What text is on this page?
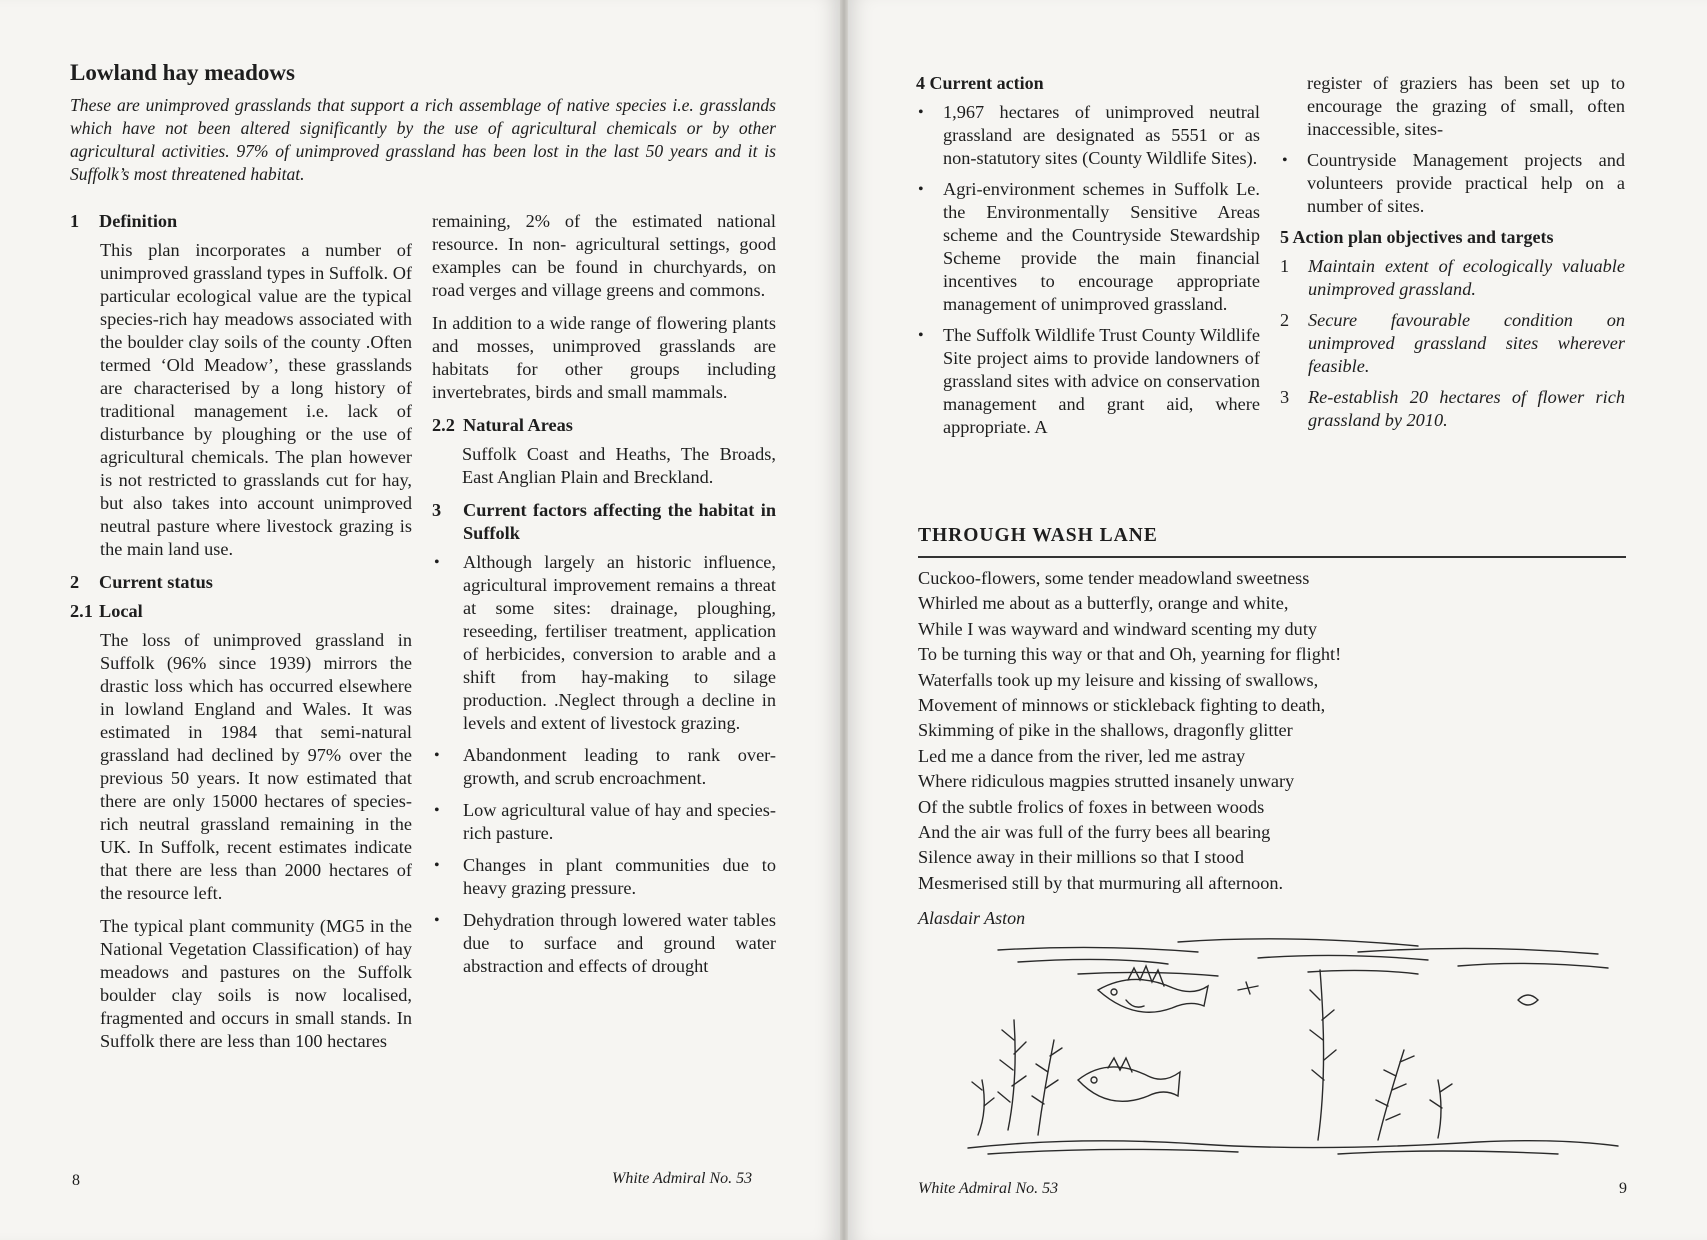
Lowland hay meadows

These are unimproved grasslands that support a rich assemblage of native species i.e. grasslands which have not been altered significantly by the use of agricultural chemicals or by other agricultural activities. 97% of unimproved grassland has been lost in the last 50 years and it is Suffolk’s most threatened habitat.

1	Definition

This plan incorporates a number of unimproved grassland types in Suffolk. Of particular ecological value are the typical species-rich hay meadows associated with the boulder clay soils of the county .Often termed ‘Old Meadow’, these grasslands are characterised by a long history of traditional management i.e. lack of disturbance by ploughing or the use of agricultural chemicals. The plan however is not restricted to grasslands cut for hay, but also takes into account unimproved neutral pasture where livestock grazing is the main land use.

2	Current status
2.1 Local

The loss of unimproved grassland in Suffolk (96% since 1939) mirrors the drastic loss which has occurred elsewhere in lowland England and Wales. It was estimated in 1984 that semi-natural grassland had declined by 97% over the previous 50 years. It now estimated that there are only 15000 hectares of species-rich neutral grassland remaining in the UK. In Suffolk, recent estimates indicate that there are less than 2000 hectares of the resource left.

The typical plant community (MG5 in the National Vegetation Classification) of hay meadows and pastures on the Suffolk boulder clay soils is now localised, fragmented and occurs in small stands. In Suffolk there are less than 100 hectares

remaining, 2% of the estimated national resource. In non- agricultural settings, good examples can be found in churchyards, on road verges and village greens and commons.

In addition to a wide range of flowering plants and mosses, unimproved grasslands are habitats for other groups including invertebrates, birds and small mammals.

2.2 Natural Areas

Suffolk Coast and Heaths, The Broads, East Anglian Plain and Breckland.

3	Current factors affecting the habitat in Suffolk
• Although largely an historic influence, agricultural improvement remains a threat at some sites: drainage, ploughing, reseeding, fertiliser treatment, application of herbicides, conversion to arable and a shift from hay-making to silage production. .Neglect through a decline in levels and extent of livestock grazing.
• Abandonment leading to rank over-growth, and scrub encroachment.
• Low agricultural value of hay and species-rich pasture.
• Changes in plant communities due to heavy grazing pressure.
• Dehydration through lowered water tables due to surface and ground water abstraction and effects of drought
8	White Admiral No. 53
4 Current action
• 1,967 hectares of unimproved neutral grassland are designated as 5551 or as non-statutory sites (County Wildlife Sites).
• Agri-environment schemes in Suffolk Le. the Environmentally Sensitive Areas scheme and the Countryside Stewardship Scheme provide the main financial incentives to encourage appropriate management of unimproved grassland.
• The Suffolk Wildlife Trust County Wildlife Site project aims to provide landowners of grassland sites with advice on conservation management and grant aid, where appropriate. A

register of graziers has been set up to encourage the grazing of small, often inaccessible, sites-

• Countryside Management projects and volunteers provide practical help on a number of sites.
5 Action plan objectives and targets
1	Maintain extent of ecologically valuable unimproved grassland.
2	Secure favourable condition on unimproved grassland sites wherever feasible.
3	Re-establish 20 hectares of flower rich grassland by 2010.
THROUGH WASH LANE
Cuckoo-flowers, some tender meadowland sweetness
Whirled me about as a butterfly, orange and white,
While I was wayward and windward scenting my duty
To be turning this way or that and Oh, yearning for flight!
Waterfalls took up my leisure and kissing of swallows,
Movement of minnows or stickleback fighting to death,
Skimming of pike in the shallows, dragonfly glitter
Led me a dance from the river, led me astray
Where ridiculous magpies strutted insanely unwary
Of the subtle frolics of foxes in between woods
And the air was full of the furry bees all bearing
Silence away in their millions so that I stood
Mesmerised still by that murmuring all afternoon.

Alasdair Aston

White Admiral No. 53	9
